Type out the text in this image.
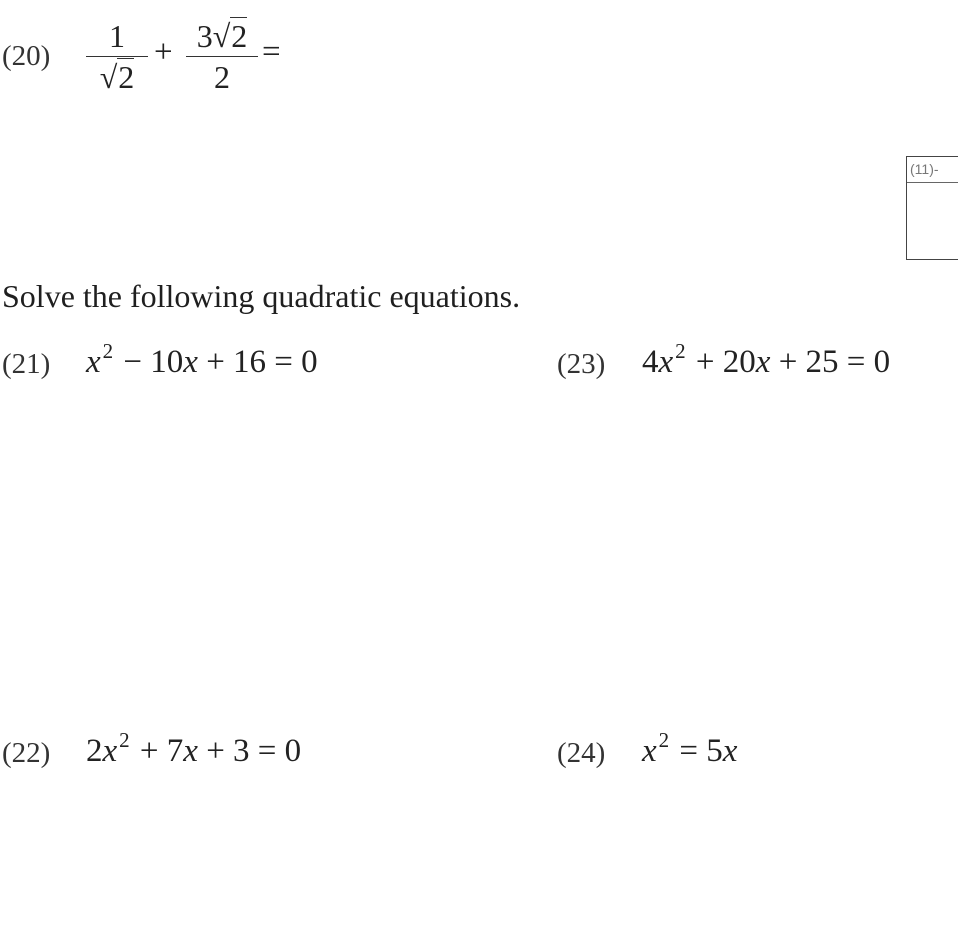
(20)
1
√2
+ 3√2
2
=
(11)-
Solve the following quadratic equations.
(21) $x^2 - 10x + 16 = 0$	(23) $4x^2 + 20x + 25 = 0$
(22) $2x^2 + 7x + 3 = 0$	(24) $x^2 = 5x$
